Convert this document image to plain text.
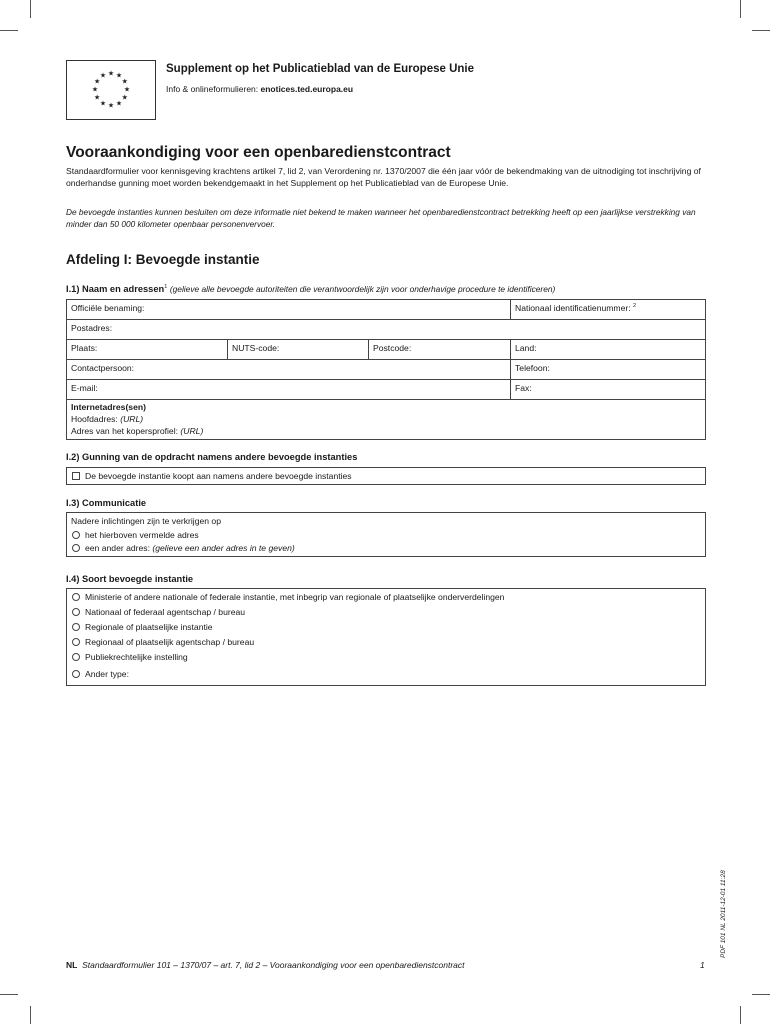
★ ★
★
★
★
★
★
★
★
★
★
★
Supplement op het Publicatieblad van de Europese Unie
Info & onlineformulieren: enotices.ted.europa.eu
Vooraankondiging voor een openbaredienstcontract
Standaardformulier voor kennisgeving krachtens artikel 7, lid 2, van Verordening nr. 1370/2007 die één jaar vóór de bekendmaking van de uitnodiging tot inschrijving of onderhandse gunning moet worden bekendgemaakt in het Supplement op het Publicatieblad van de Europese Unie.
De bevoegde instanties kunnen besluiten om deze informatie niet bekend te maken wanneer het openbaredienstcontract betrekking heeft op een jaarlijkse verstrekking van minder dan 50 000 kilometer openbaar personenvervoer.
Afdeling I: Bevoegde instantie
I.1) Naam en adressen$^1$ (gelieve alle bevoegde autoriteiten die verantwoordelijk zijn voor onderhavige procedure te identificeren)
Officiële benaming:	Nationaal identificatienummer: $^2$
Postadres:
Plaats:	NUTS-code:	Postcode:	Land:
Contactpersoon:	Telefoon:
E-mail:	Fax:
Internetadres(sen)
Hoofdadres: (URL)
Adres van het kopersprofiel: (URL)
I.2) Gunning van de opdracht namens andere bevoegde instanties
De bevoegde instantie koopt aan namens andere bevoegde instanties
I.3) Communicatie
Nadere inlichtingen zijn te verkrijgen op
het hierboven vermelde adres
een ander adres: (gelieve een ander adres in te geven)
I.4) Soort bevoegde instantie
Ministerie of andere nationale of federale instantie, met inbegrip van regionale of plaatselijke onderverdelingen
Nationaal of federaal agentschap / bureau
Regionale of plaatselijke instantie
Regionaal of plaatselijk agentschap / bureau
Publiekrechtelijke instelling
Ander type:
PDF 101 NL 2011-12-01 11:28
NL Standaardformulier 101 – 1370/07 – art. 7, lid 2 – Vooraankondiging voor een openbaredienstcontract	1
